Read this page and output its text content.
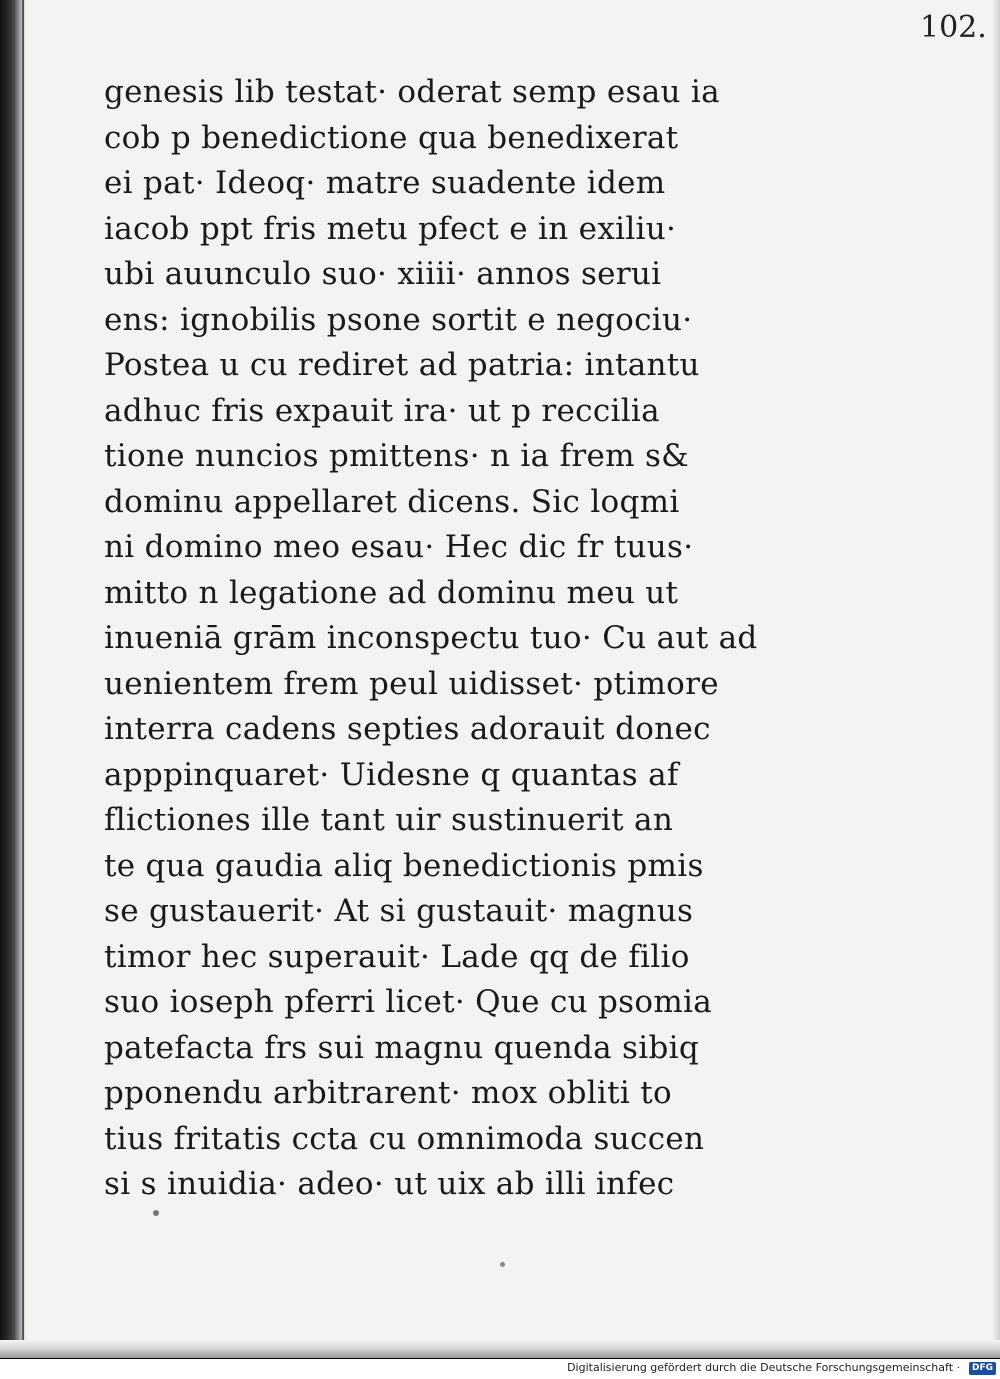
102.
genesis lib testat· oderat semp esau ia
cob p benedictione qua benedixerat
ei pat· Ideoq· matre suadente idem
iacob ppt fris metu pfect e in exiliu·
ubi auunculo suo· xiiii· annos serui
ens: ignobilis psone sortit e negociu·
Postea u cu rediret ad patria: intantu
adhuc fris expauit ira· ut p reccilia
tione nuncios pmittens· n ia frem s&
dominu appellaret dicens. Sic loqmi
ni domino meo esau· Hec dic fr tuus·
mitto n legatione ad dominu meu ut
inueniā grām inconspectu tuo· Cu aut ad
uenientem frem peul uidisset· ptimore
interra cadens septies adorauit donec
apppinquaret· Uidesne q quantas af
flictiones ille tant uir sustinuerit an
te qua gaudia aliq benedictionis pmis
se gustauerit· At si gustauit· magnus
timor hec superauit· Lade qq de filio
suo ioseph pferri licet· Que cu psomia
patefacta frs sui magnu quenda sibiq
pponendu arbitrarent· mox obliti to
tius fritatis ccta cu omnimoda succen
si s inuidia· adeo· ut uix ab illi infec
Digitalisierung gefördert durch die Deutsche Forschungsgemeinschaft ·	DFG
